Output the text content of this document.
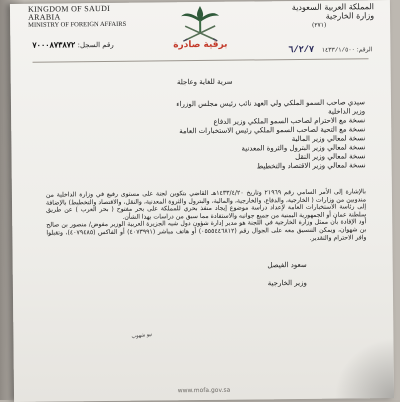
KINGDOM OF SAUDI ARABIA
MINISTRY OF FOREIGN AFFAIRS
المملكة العربية السعودية
وزارة الخارجية
(٢٧١)
رقم السجل: ٧٠٠٠٨٧٣٨٧٢	برقية صادرة	الرقم: ٦/٢/٧ ١٤٣٣/١/٥٠٠
سرية للغاية وعاجلة
سيدي صاحب السمو الملكي ولي العهد نائب رئيس مجلس الوزراء
وزير الداخلية
نسخة مع الاحترام لصاحب السمو الملكي وزير الدفاع
نسخة مع التحية لصاحب السمو الملكي رئيس الاستخبارات العامة
نسخة لمعالي وزير المالية
نسخة لمعالي وزير البترول والثروة المعدنية
نسخة لمعالي وزير النقل
نسخة لمعالي وزير الاقتصاد والتخطيط
بالإشارة إلى الأمر السامي رقم ٢١٩٦٩ وتاريخ ١٤٣٣/٤/٢٠هـ القاضي بتكوين لجنة على مستوى رفيع في وزارة الداخلية من مندوبين من وزارات ( الخارجية، والدفاع، والخارجية، والمالية، والبترول والثروة المعدنية، والنقل، والاقتصاد والتخطيط) بالإضافة إلى رئاسة الاستخبارات العامة لإعداد دراسة موضوع إيجاد منفذ بحري للمملكة على بحر مفتوح ( بحر العرب ) عن طريق سلطنة عمان أو الجمهورية اليمنية من جميع جوانبه والاستفادة مما سبق من دراسات بهذا الشأن.
أود الإفادة بأن ممثل وزارة الخارجية في اللجنة هو مدير إدارة شؤون دول شبه الجزيرة العربية الوزير مفوض/ منصور بن صالح بن شهوان، ويمكن التنسيق معه على الجوال رقم (٠٥٥٥٤٤٦٨١٢) أو هاتف مباشر (٤٠٧٣٩٩١) أو الفاكس (٤٠٧٩٤٨٥)، وتقبلوا وافر الاحترام والتقدير.
سعود الفيصل
وزير الخارجية
نيو شهوب
www.mofa.gov.sa
